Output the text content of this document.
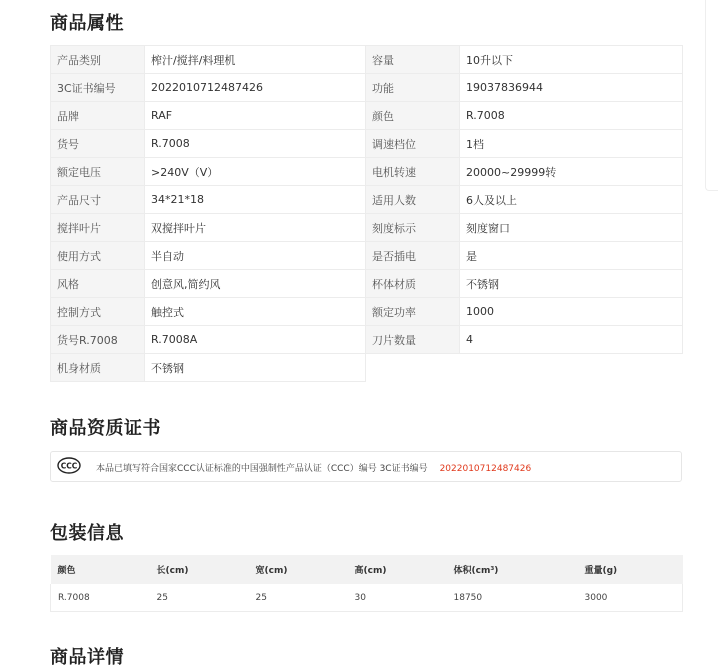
商品属性
产品类别	榨汁/搅拌/料理机	容量	10升以下
3C证书编号	2022010712487426	功能	19037836944
品牌	RAF	颜色	R.7008
货号	R.7008	调速档位	1档
额定电压	>240V（V）	电机转速	20000~29999转
产品尺寸	34*21*18	适用人数	6人及以上
搅拌叶片	双搅拌叶片	刻度标示	刻度窗口
使用方式	半自动	是否插电	是
风格	创意风,简约风	杯体材质	不锈钢
控制方式	触控式	额定功率	1000
货号R.7008	R.7008A	刀片数量	4
机身材质	不锈钢		
商品资质证书
CCC 本品已填写符合国家CCC认证标准的中国强制性产品认证（CCC）编号 3C证书编号 2022010712487426
包装信息
颜色	长(cm)	宽(cm)	高(cm)	体积(cm³)	重量(g)
R.7008	25	25	30	18750	3000
商品详情
